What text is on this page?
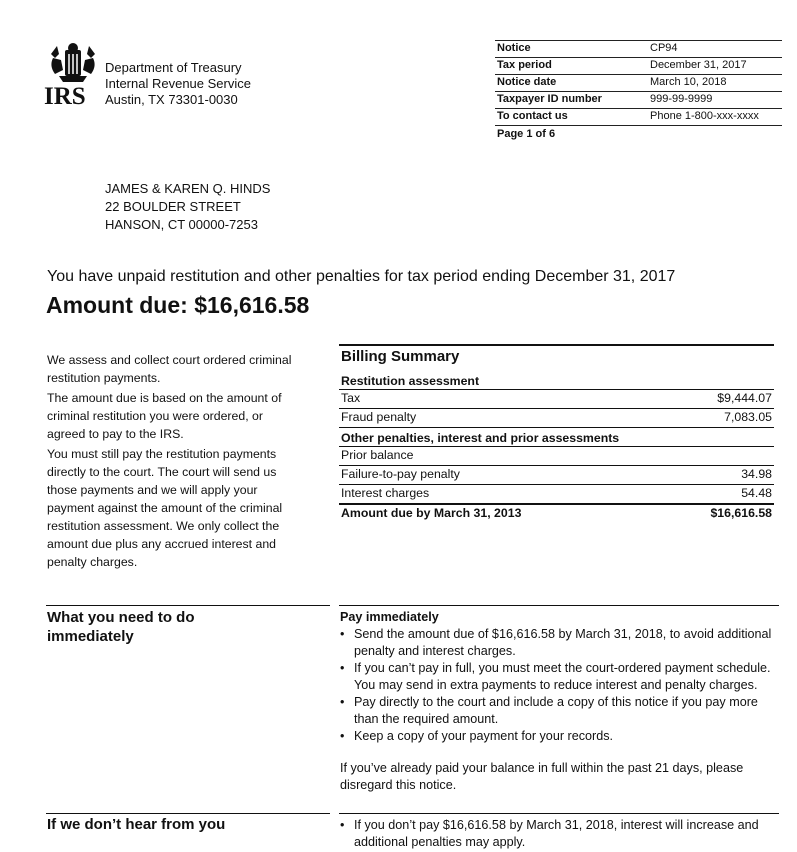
IRS
Department of Treasury
Internal Revenue Service
Austin, TX 73301-0030
Notice	CP94
Tax period	December 31, 2017
Notice date	March 10, 2018
Taxpayer ID number	999-99-9999
To contact us	Phone 1-800-xxx-xxxx
Page 1 of 6
JAMES & KAREN Q. HINDS
22 BOULDER STREET
HANSON, CT 00000-7253
You have unpaid restitution and other penalties for tax period ending December 31, 2017
Amount due: $16,616.58

We assess and collect court ordered criminal restitution payments.

The amount due is based on the amount of criminal restitution you were ordered, or agreed to pay to the IRS.

You must still pay the restitution payments directly to the court. The court will send us those payments and we will apply your payment against the amount of the criminal restitution assessment. We only collect the amount due plus any accrued interest and penalty charges.

Billing Summary
Restitution assessment
Tax	$9,444.07
Fraud penalty	7,083.05
Other penalties, interest and prior assessments
Prior balance
Failure-to-pay penalty	34.98
Interest charges	54.48
Amount due by March 31, 2013	$16,616.58
What you need to do immediately
Pay immediately
• Send the amount due of $16,616.58 by March 31, 2018, to avoid additional penalty and interest charges.
• If you can’t pay in full, you must meet the court-ordered payment schedule. You may send in extra payments to reduce interest and penalty charges.
• Pay directly to the court and include a copy of this notice if you pay more than the required amount.
• Keep a copy of your payment for your records.
If you’ve already paid your balance in full within the past 21 days, please disregard this notice.
If we don’t hear from you
•	If you don’t pay $16,616.58 by March 31, 2018, interest will increase and additional penalties may apply.
